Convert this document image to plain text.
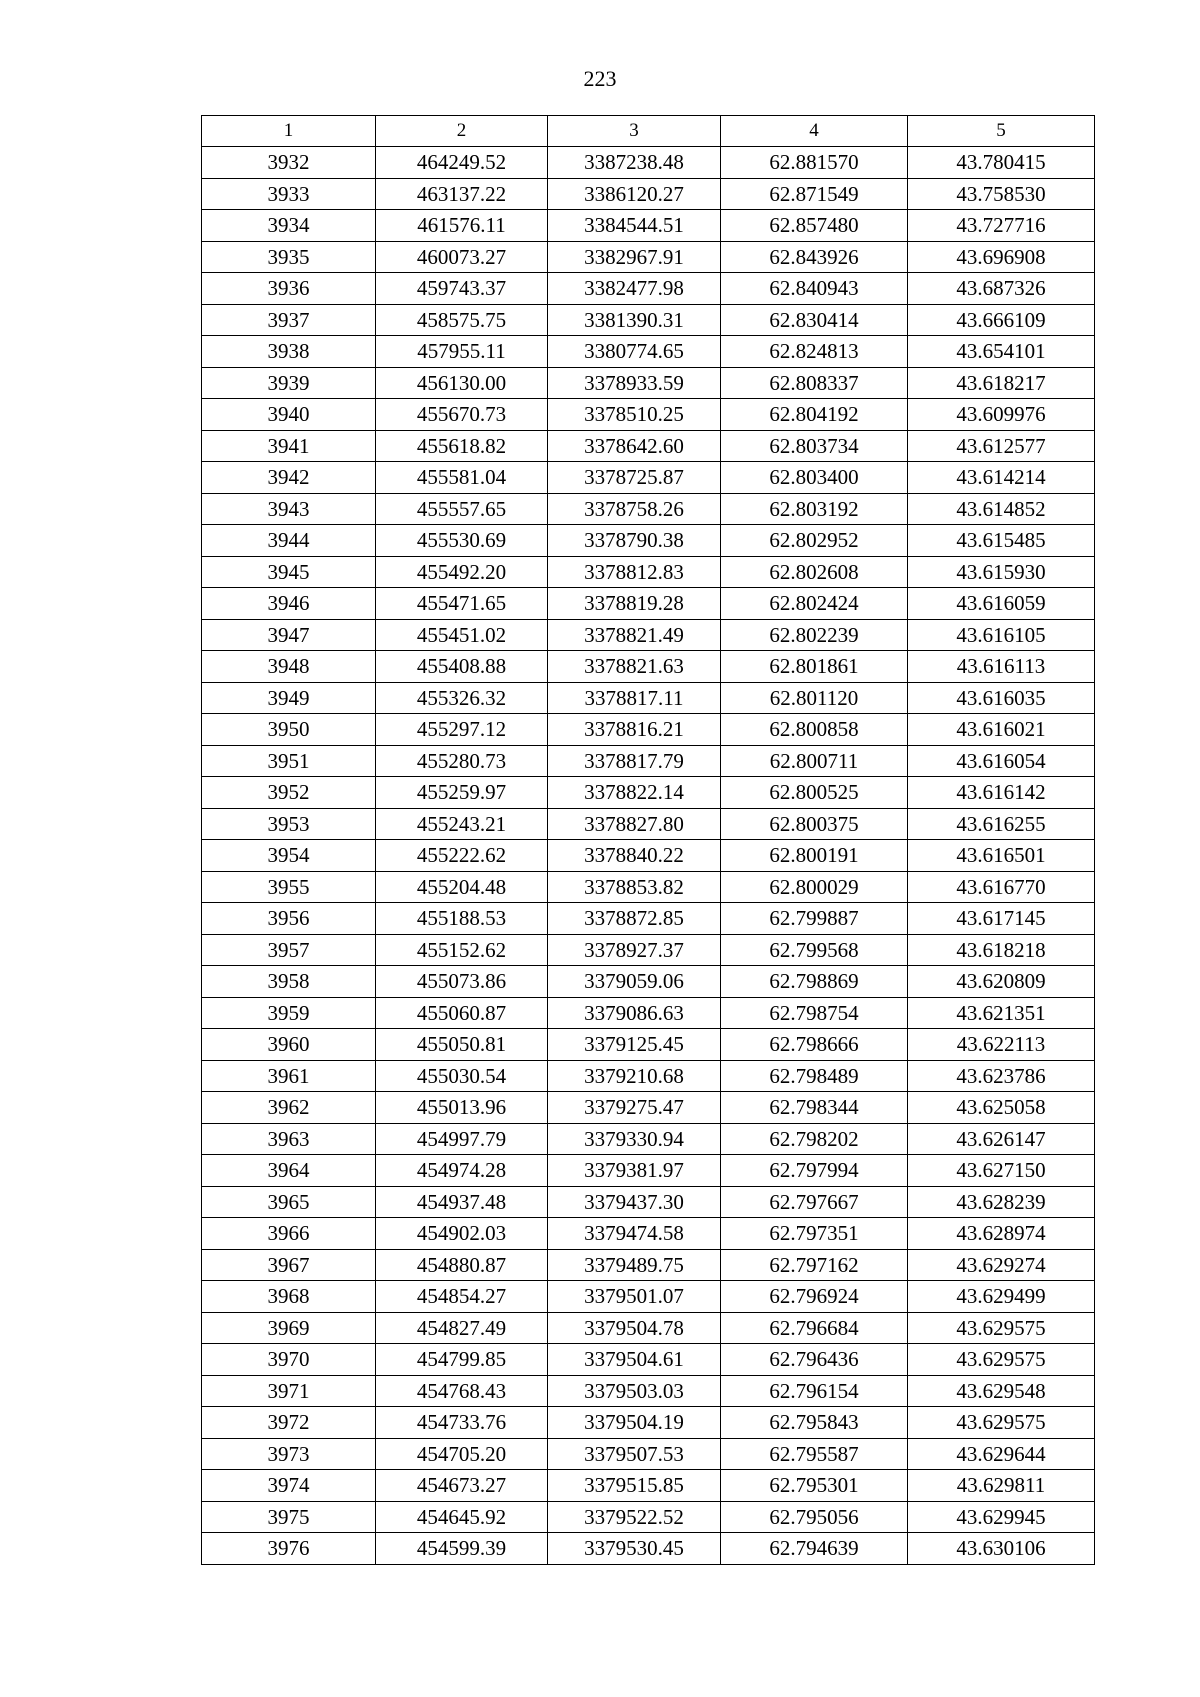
223
1	2	3	4	5
3932	464249.52	3387238.48	62.881570	43.780415
3933	463137.22	3386120.27	62.871549	43.758530
3934	461576.11	3384544.51	62.857480	43.727716
3935	460073.27	3382967.91	62.843926	43.696908
3936	459743.37	3382477.98	62.840943	43.687326
3937	458575.75	3381390.31	62.830414	43.666109
3938	457955.11	3380774.65	62.824813	43.654101
3939	456130.00	3378933.59	62.808337	43.618217
3940	455670.73	3378510.25	62.804192	43.609976
3941	455618.82	3378642.60	62.803734	43.612577
3942	455581.04	3378725.87	62.803400	43.614214
3943	455557.65	3378758.26	62.803192	43.614852
3944	455530.69	3378790.38	62.802952	43.615485
3945	455492.20	3378812.83	62.802608	43.615930
3946	455471.65	3378819.28	62.802424	43.616059
3947	455451.02	3378821.49	62.802239	43.616105
3948	455408.88	3378821.63	62.801861	43.616113
3949	455326.32	3378817.11	62.801120	43.616035
3950	455297.12	3378816.21	62.800858	43.616021
3951	455280.73	3378817.79	62.800711	43.616054
3952	455259.97	3378822.14	62.800525	43.616142
3953	455243.21	3378827.80	62.800375	43.616255
3954	455222.62	3378840.22	62.800191	43.616501
3955	455204.48	3378853.82	62.800029	43.616770
3956	455188.53	3378872.85	62.799887	43.617145
3957	455152.62	3378927.37	62.799568	43.618218
3958	455073.86	3379059.06	62.798869	43.620809
3959	455060.87	3379086.63	62.798754	43.621351
3960	455050.81	3379125.45	62.798666	43.622113
3961	455030.54	3379210.68	62.798489	43.623786
3962	455013.96	3379275.47	62.798344	43.625058
3963	454997.79	3379330.94	62.798202	43.626147
3964	454974.28	3379381.97	62.797994	43.627150
3965	454937.48	3379437.30	62.797667	43.628239
3966	454902.03	3379474.58	62.797351	43.628974
3967	454880.87	3379489.75	62.797162	43.629274
3968	454854.27	3379501.07	62.796924	43.629499
3969	454827.49	3379504.78	62.796684	43.629575
3970	454799.85	3379504.61	62.796436	43.629575
3971	454768.43	3379503.03	62.796154	43.629548
3972	454733.76	3379504.19	62.795843	43.629575
3973	454705.20	3379507.53	62.795587	43.629644
3974	454673.27	3379515.85	62.795301	43.629811
3975	454645.92	3379522.52	62.795056	43.629945
3976	454599.39	3379530.45	62.794639	43.630106
